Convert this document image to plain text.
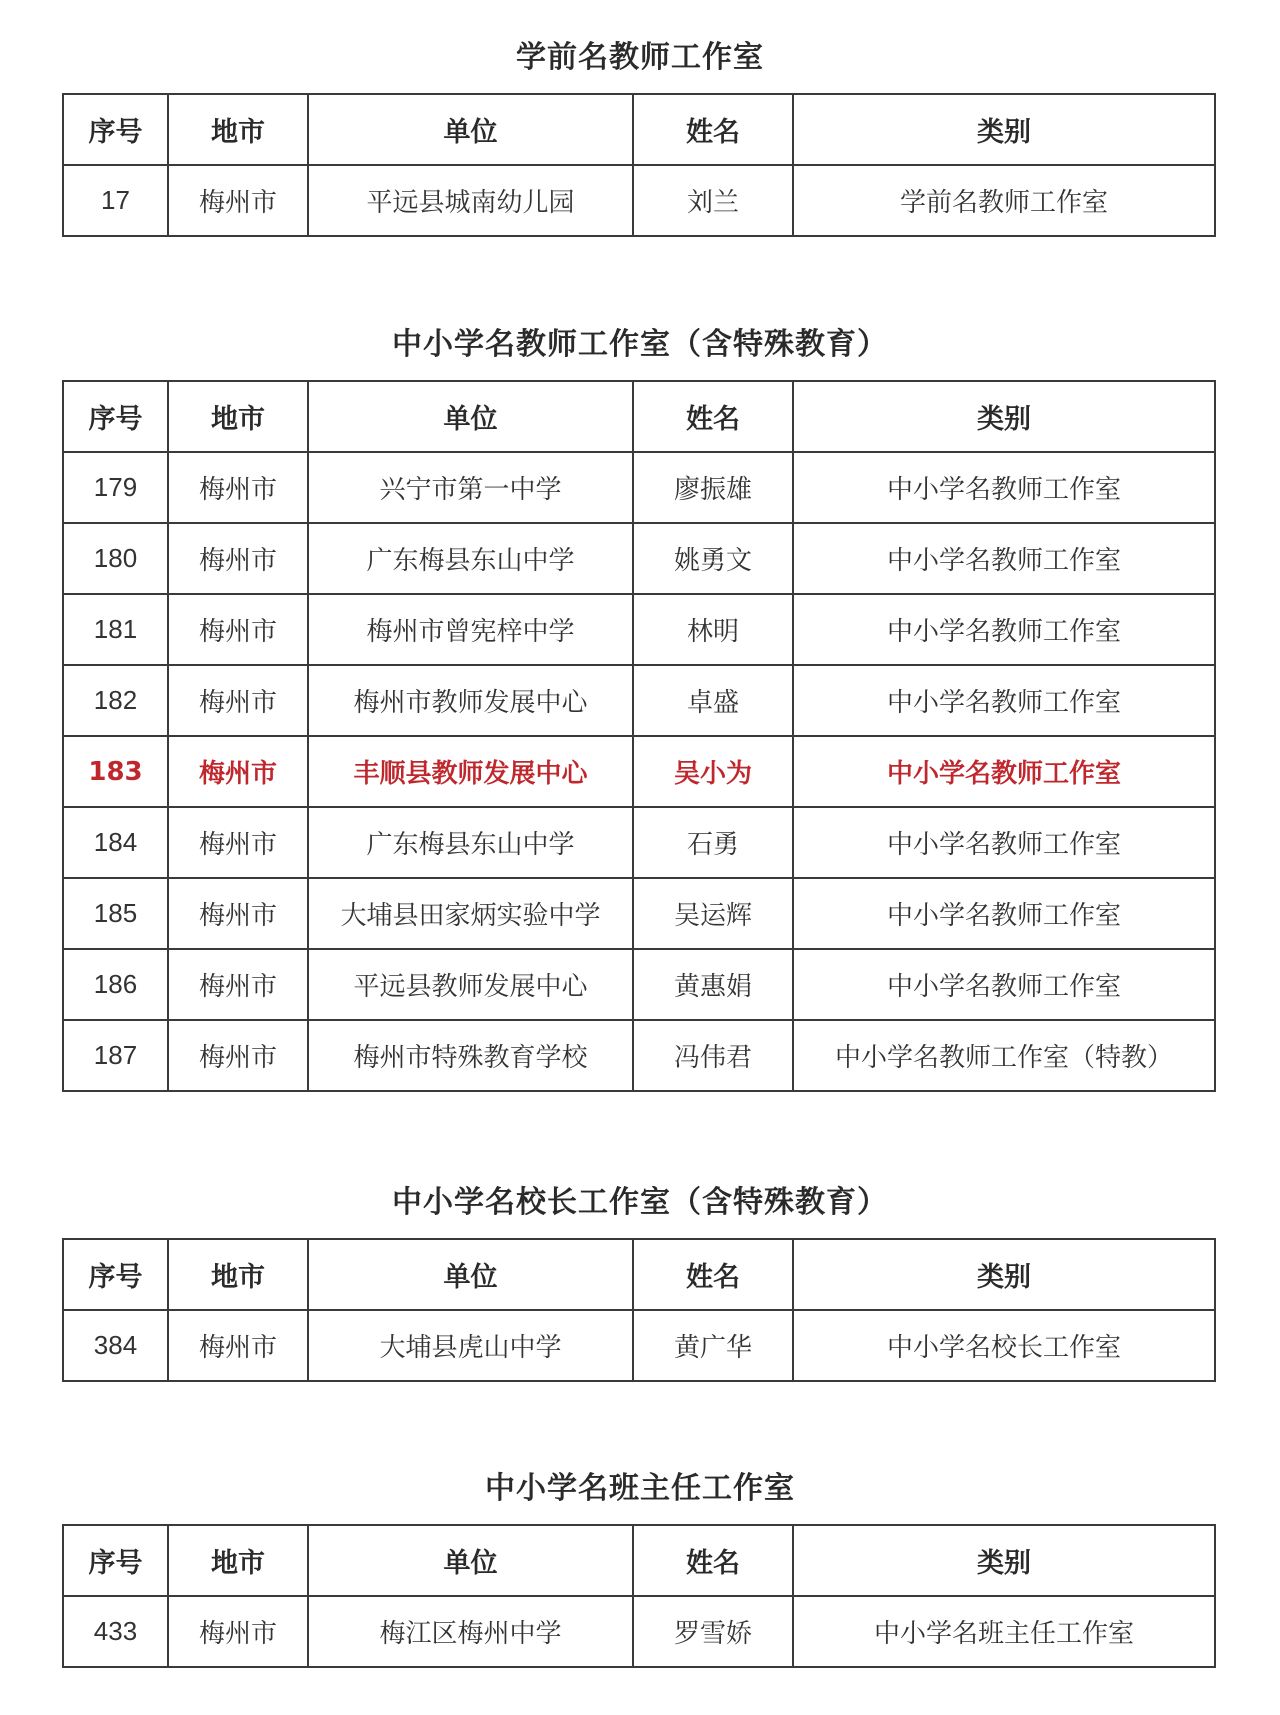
学前名教师工作室
序号	地市	单位	姓名	类别
17	梅州市	平远县城南幼儿园	刘兰	学前名教师工作室
中小学名教师工作室（含特殊教育）
序号	地市	单位	姓名	类别
179	梅州市	兴宁市第一中学	廖振雄	中小学名教师工作室
180	梅州市	广东梅县东山中学	姚勇文	中小学名教师工作室
181	梅州市	梅州市曾宪梓中学	林明	中小学名教师工作室
182	梅州市	梅州市教师发展中心	卓盛	中小学名教师工作室
183	梅州市	丰顺县教师发展中心	吴小为	中小学名教师工作室
184	梅州市	广东梅县东山中学	石勇	中小学名教师工作室
185	梅州市	大埔县田家炳实验中学	吴运辉	中小学名教师工作室
186	梅州市	平远县教师发展中心	黄惠娟	中小学名教师工作室
187	梅州市	梅州市特殊教育学校	冯伟君	中小学名教师工作室（特教）
中小学名校长工作室（含特殊教育）
序号	地市	单位	姓名	类别
384	梅州市	大埔县虎山中学	黄广华	中小学名校长工作室
中小学名班主任工作室
序号	地市	单位	姓名	类别
433	梅州市	梅江区梅州中学	罗雪娇	中小学名班主任工作室
